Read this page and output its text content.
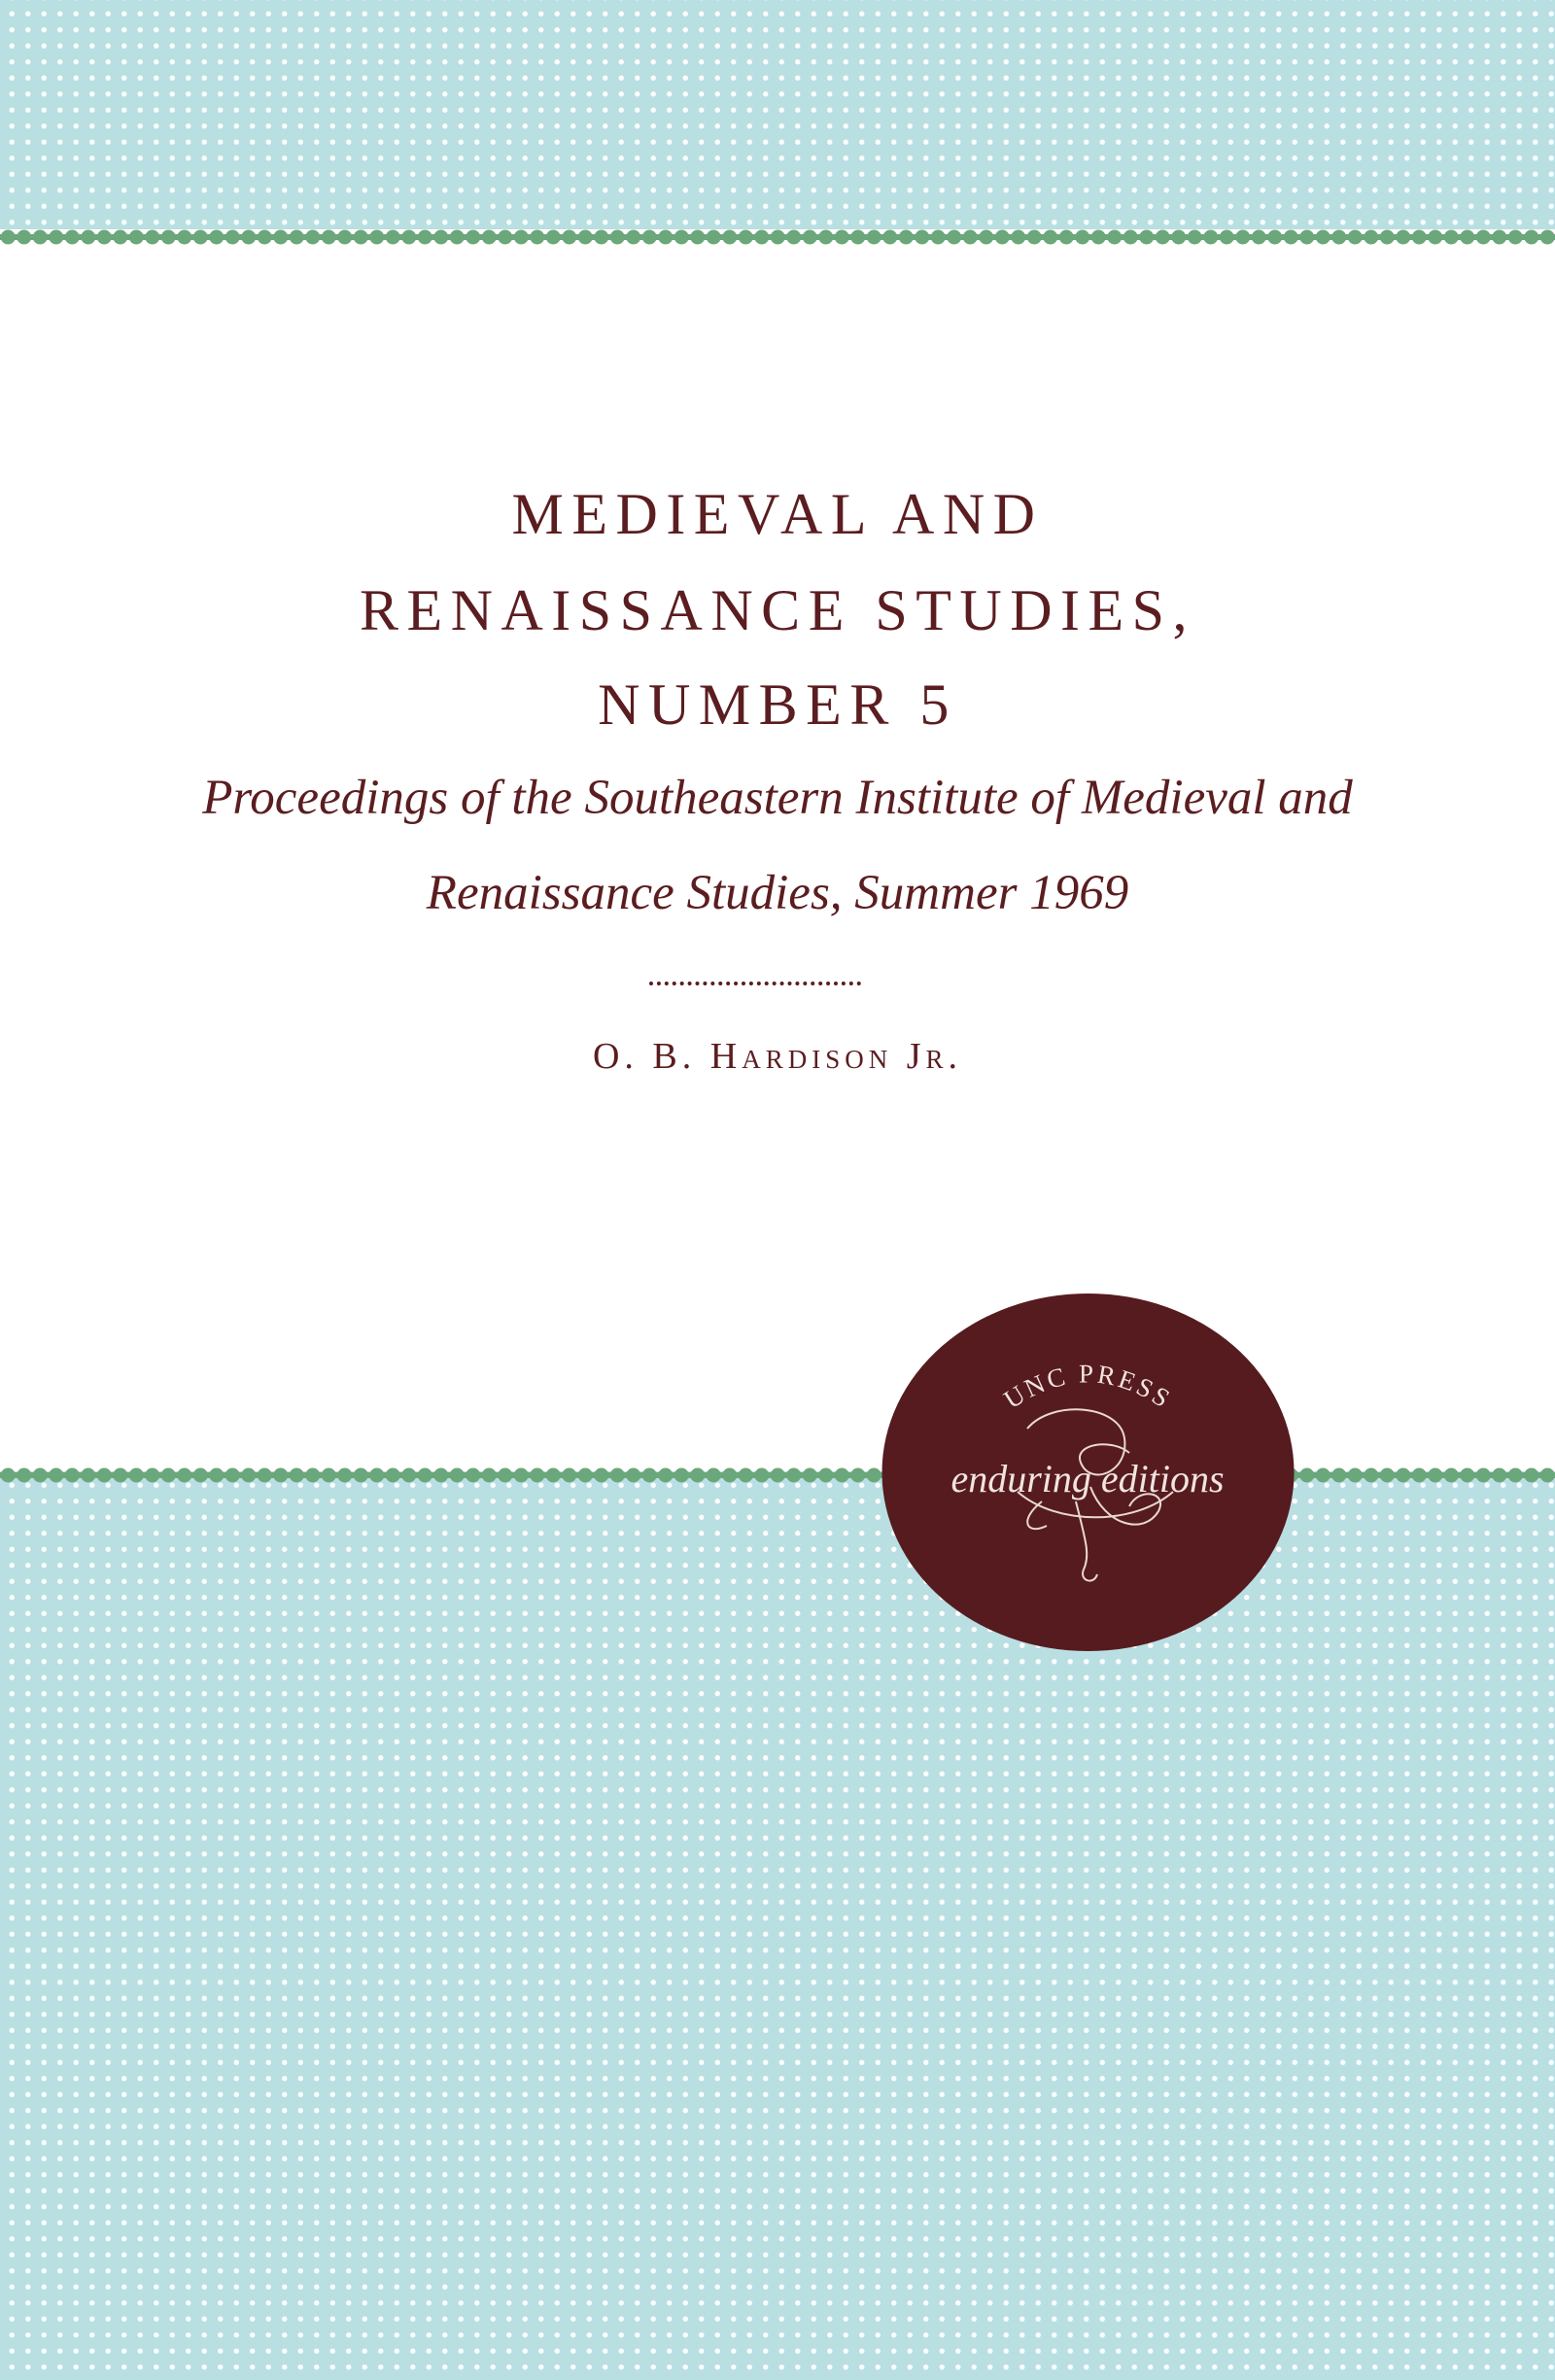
MEDIEVAL AND
RENAISSANCE STUDIES,
NUMBER 5
Proceedings of the Southeastern Institute of Medieval and
Renaissance Studies, Summer 1969
O. B. Hardison Jr.
UNC PRESS
enduring editions
